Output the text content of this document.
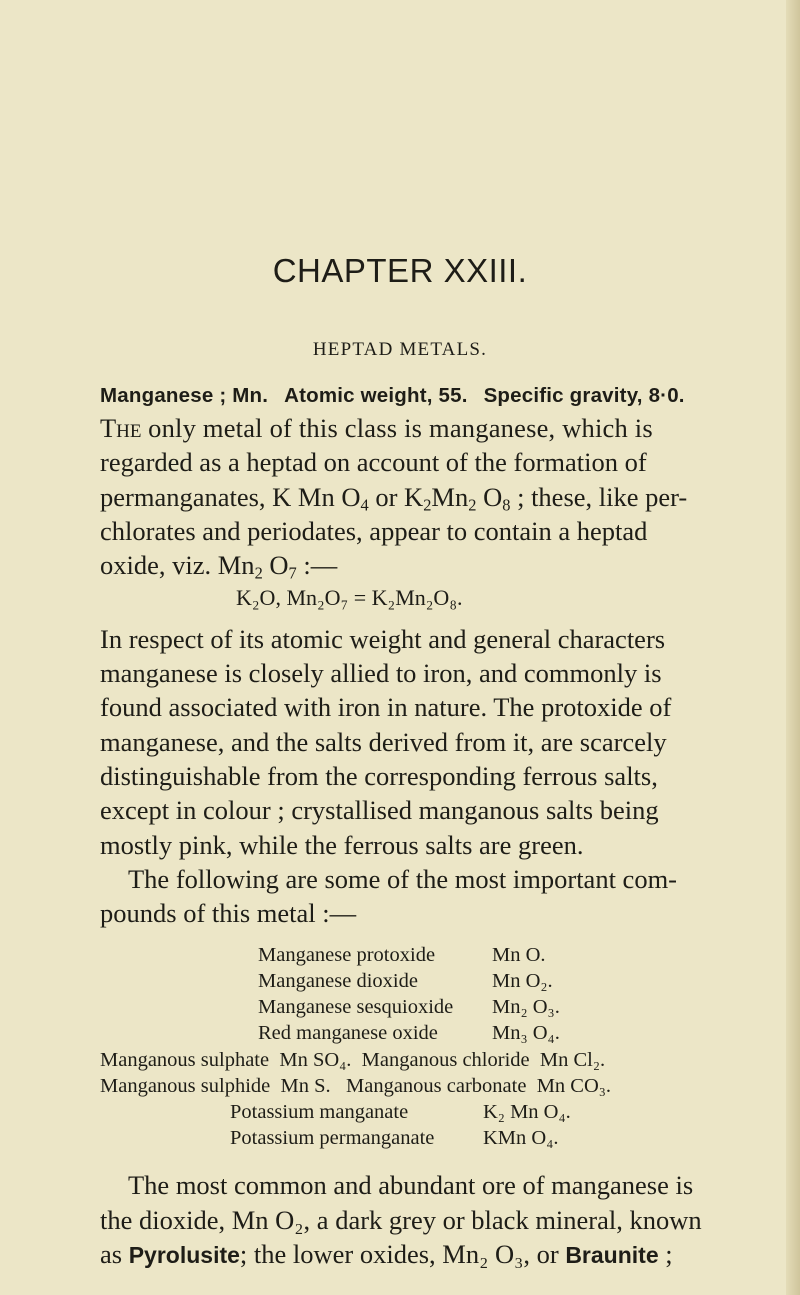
CHAPTER XXIII.
HEPTAD METALS.

Manganese ; Mn. Atomic weight, 55. Specific gravity, 8·0.

The only metal of this class is manganese, which is

regarded as a heptad on account of the formation of

permanganates, K Mn $O_4$ or $K_2Mn_2$ $O_8$ ; these, like per-

chlorates and periodates, appear to contain a heptad

oxide, viz. $Mn_2$ $O_7$ :—

K₂O, Mn₂O₇ = K₂Mn₂O₈.

In respect of its atomic weight and general characters

manganese is closely allied to iron, and commonly is

found associated with iron in nature. The protoxide of

manganese, and the salts derived from it, are scarcely

distinguishable from the corresponding ferrous salts,

except in colour ; crystallised manganous salts being

mostly pink, while the ferrous salts are green.

The following are some of the most important com-

pounds of this metal :—

Manganese protoxide	Mn O.

Manganese dioxide	Mn O₂.

Manganese sesquioxide Mn₂ O₃.

Red manganese oxide	Mn₃ O₄.

Manganous sulphate  Mn SO₄.  Manganous chloride  Mn Cl₂.

Manganous sulphide  Mn S.   Manganous carbonate  Mn CO₃.

Potassium manganate	K₂ Mn O₄.

Potassium permanganate KMn O₄.

The most common and abundant ore of manganese is

the dioxide, Mn O₂, a dark grey or black mineral, known

as Pyrolusite; the lower oxides, Mn₂ O₃, or Braunite ;
